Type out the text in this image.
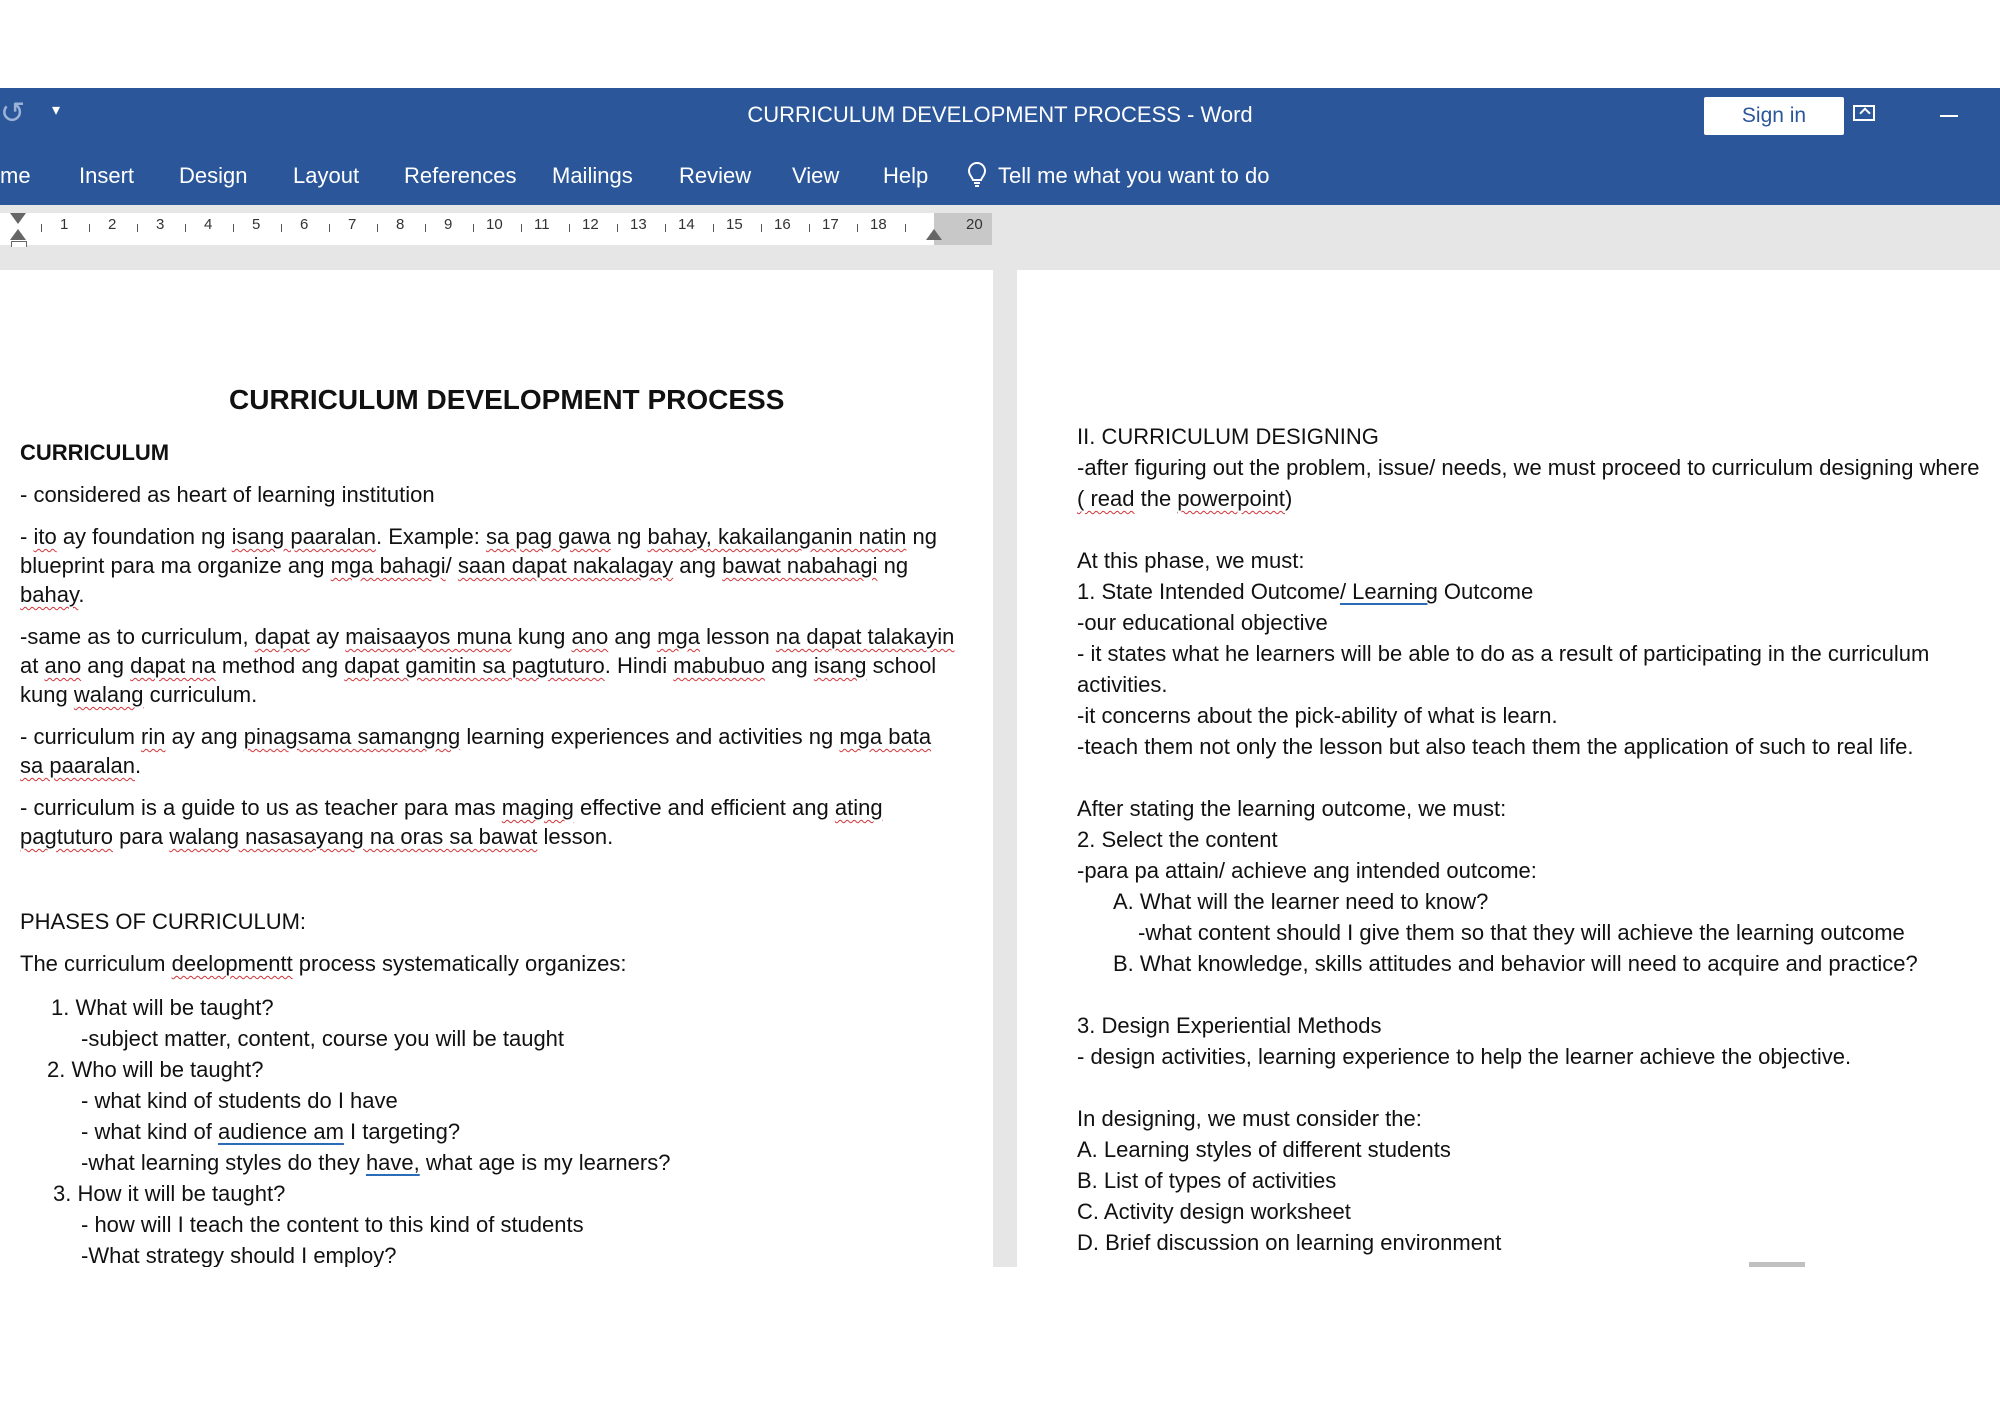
↺ ▾	CURRICULUM DEVELOPMENT PROCESS - Word	Sign in
me Insert Design Layout References Mailings Review View Help	Tell me what you want to do
1	2	3	4	5	6	7	8	9 10 11 12 13 14 15 16 17 18	20
CURRICULUM DEVELOPMENT PROCESS
CURRICULUM
- considered as heart of learning institution
- ito ay foundation ng isang paaralan. Example: sa pag gawa ng bahay, kakailanganin natin ng
blueprint para ma organize ang mga bahagi/ saan dapat nakalagay ang bawat nabahagi ng
bahay.
-same as to curriculum, dapat ay maisaayos muna kung ano ang mga lesson na dapat talakayin
at ano ang dapat na method ang dapat gamitin sa pagtuturo. Hindi mabubuo ang isang school
kung walang curriculum.
- curriculum rin ay ang pinagsama samangng learning experiences and activities ng mga bata
sa paaralan.
- curriculum is a guide to us as teacher para mas maging effective and efficient ang ating
pagtuturo para walang nasasayang na oras sa bawat lesson.
PHASES OF CURRICULUM:
The curriculum deelopmentt process systematically organizes:
1. What will be taught?
-subject matter, content, course you will be taught
2. Who will be taught?
- what kind of students do I have
- what kind of audience am I targeting?
-what learning styles do they have, what age is my learners?
3. How it will be taught?
- how will I teach the content to this kind of students
-What strategy should I employ?
II. CURRICULUM DESIGNING
-after figuring out the problem, issue/ needs, we must proceed to curriculum designing where
( read the powerpoint)
At this phase, we must:
1. State Intended Outcome/ Learning Outcome
-our educational objective
- it states what he learners will be able to do as a result of participating in the curriculum
activities.
-it concerns about the pick-ability of what is learn.
-teach them not only the lesson but also teach them the application of such to real life.
After stating the learning outcome, we must:
2. Select the content
-para pa attain/ achieve ang intended outcome:
A. What will the learner need to know?
-what content should I give them so that they will achieve the learning outcome
B. What knowledge, skills attitudes and behavior will need to acquire and practice?
3. Design Experiential Methods
- design activities, learning experience to help the learner achieve the objective.
In designing, we must consider the:
A. Learning styles of different students
B. List of types of activities
C. Activity design worksheet
D. Brief discussion on learning environment
